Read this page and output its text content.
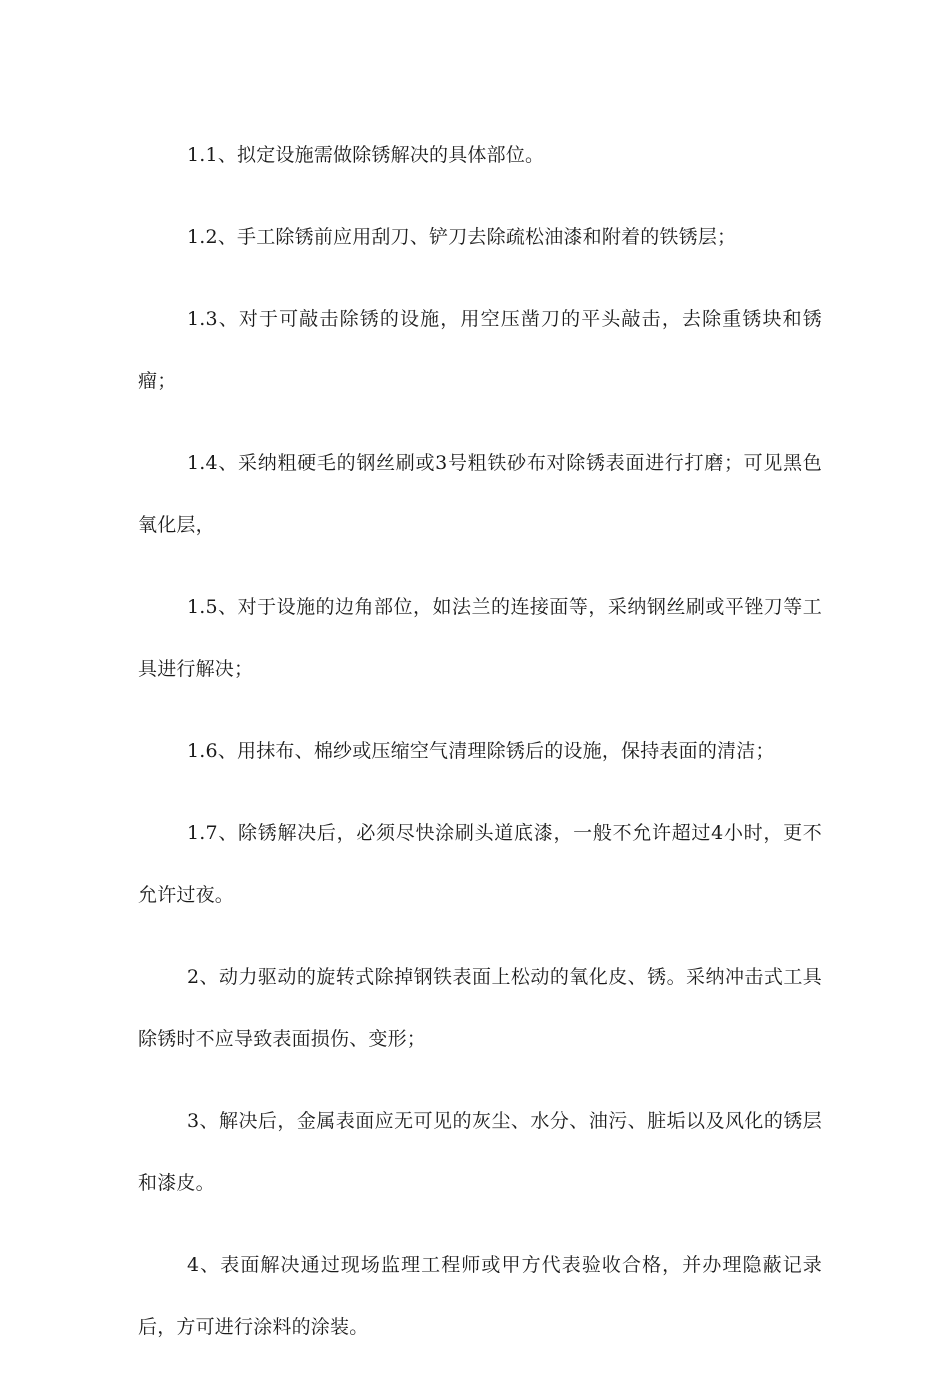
1.1、拟定设施需做除锈解决的具体部位。

1.2、手工除锈前应用刮刀、铲刀去除疏松油漆和附着的铁锈层；

1.3、对于可敲击除锈的设施，用空压凿刀的平头敲击，去除重锈块和锈瘤；

1.4、采纳粗硬毛的钢丝刷或3号粗铁砂布对除锈表面进行打磨；可见黑色氧化层，

1.5、对于设施的边角部位，如法兰的连接面等，采纳钢丝刷或平锉刀等工具进行解决；

1.6、用抹布、棉纱或压缩空气清理除锈后的设施，保持表面的清洁；

1.7、除锈解决后，必须尽快涂刷头道底漆，一般不允许超过4小时，更不允许过夜。

2、动力驱动的旋转式除掉钢铁表面上松动的氧化皮、锈。采纳冲击式工具除锈时不应导致表面损伤、变形；

3、解决后，金属表面应无可见的灰尘、水分、油污、脏垢以及风化的锈层和漆皮。

4、表面解决通过现场监理工程师或甲方代表验收合格，并办理隐蔽记录后，方可进行涂料的涂装。
